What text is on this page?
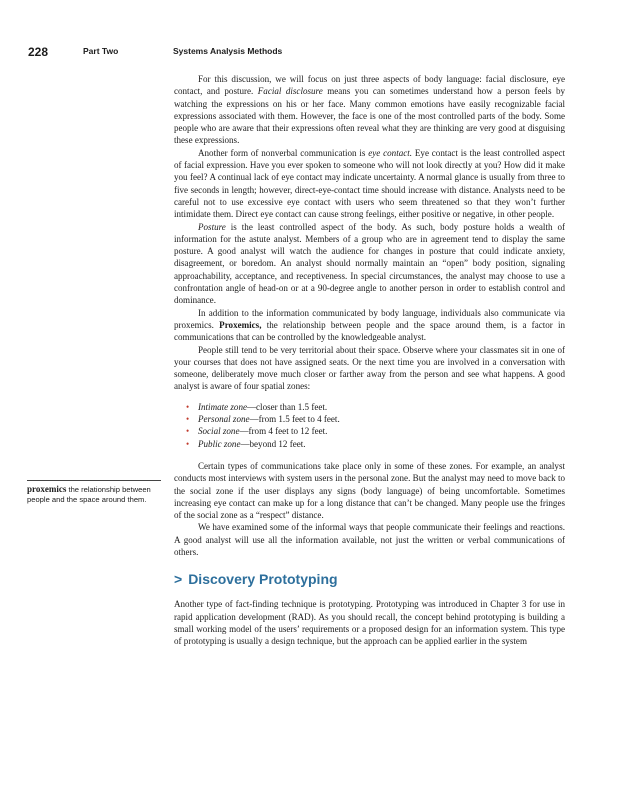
228	Part Two	Systems Analysis Methods
proxemics the relationship between people and the space around them.

For this discussion, we will focus on just three aspects of body language: facial disclosure, eye contact, and posture. Facial disclosure means you can sometimes understand how a person feels by watching the expressions on his or her face. Many common emotions have easily recognizable facial expressions associated with them. However, the face is one of the most controlled parts of the body. Some people who are aware that their expressions often reveal what they are thinking are very good at disguising these expressions.

Another form of nonverbal communication is eye contact. Eye contact is the least controlled aspect of facial expression. Have you ever spoken to someone who will not look directly at you? How did it make you feel? A continual lack of eye contact may indicate uncertainty. A normal glance is usually from three to five seconds in length; however, direct-eye-contact time should increase with distance. Analysts need to be careful not to use excessive eye contact with users who seem threatened so that they won’t further intimidate them. Direct eye contact can cause strong feelings, either positive or negative, in other people.

Posture is the least controlled aspect of the body. As such, body posture holds a wealth of information for the astute analyst. Members of a group who are in agreement tend to display the same posture. A good analyst will watch the audience for changes in posture that could indicate anxiety, disagreement, or boredom. An analyst should normally maintain an “open” body position, signaling approachability, acceptance, and receptiveness. In special circumstances, the analyst may choose to use a confrontation angle of head-on or at a 90-degree angle to another person in order to establish control and dominance.

In addition to the information communicated by body language, individuals also communicate via proxemics. Proxemics, the relationship between people and the space around them, is a factor in communications that can be controlled by the knowledgeable analyst.

People still tend to be very territorial about their space. Observe where your classmates sit in one of your courses that does not have assigned seats. Or the next time you are involved in a conversation with someone, deliberately move much closer or farther away from the person and see what happens. A good analyst is aware of four spatial zones:

• Intimate zone—closer than 1.5 feet.
• Personal zone—from 1.5 feet to 4 feet.
• Social zone—from 4 feet to 12 feet.
• Public zone—beyond 12 feet.

Certain types of communications take place only in some of these zones. For example, an analyst conducts most interviews with system users in the personal zone. But the analyst may need to move back to the social zone if the user displays any signs (body language) of being uncomfortable. Sometimes increasing eye contact can make up for a long distance that can’t be changed. Many people use the fringes of the social zone as a “respect” distance.

We have examined some of the informal ways that people communicate their feelings and reactions. A good analyst will use all the information available, not just the written or verbal communications of others.

> Discovery Prototyping

Another type of fact-finding technique is prototyping. Prototyping was introduced in Chapter 3 for use in rapid application development (RAD). As you should recall, the concept behind prototyping is building a small working model of the users’ requirements or a proposed design for an information system. This type of prototyping is usually a design technique, but the approach can be applied earlier in the system
